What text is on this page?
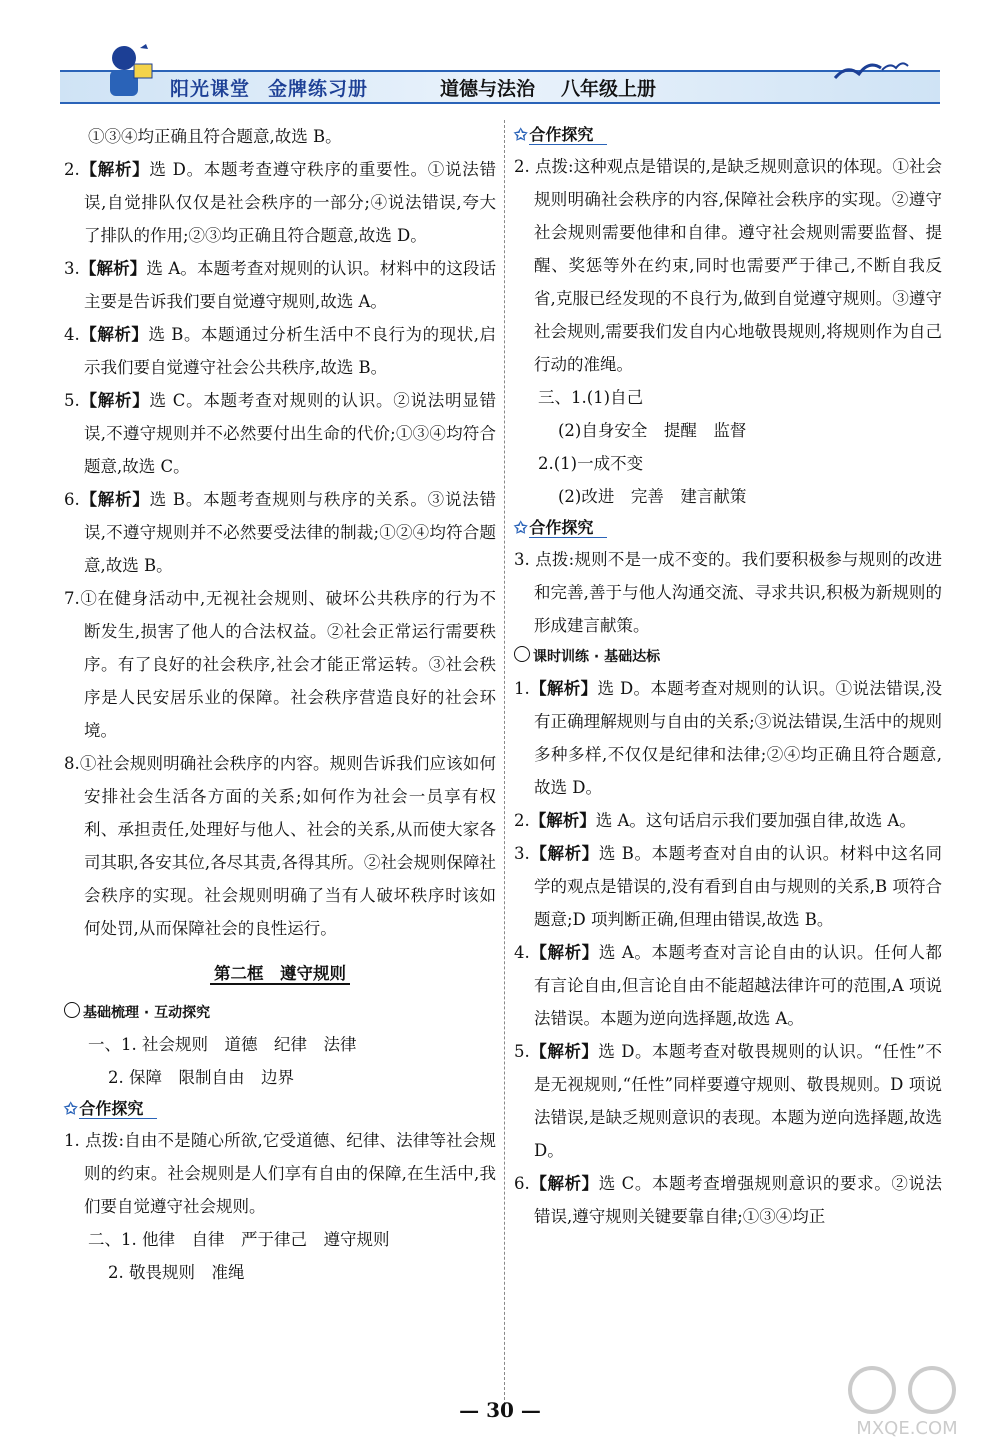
阳光课堂 金牌练习册	道德与法治 八年级上册

①③④均正确且符合题意,故选 B。

2.【解析】选 D。本题考查遵守秩序的重要性。①说法错误,自觉排队仅仅是社会秩序的一部分;④说法错误,夸大了排队的作用;②③均正确且符合题意,故选 D。

3.【解析】选 A。本题考查对规则的认识。材料中的这段话主要是告诉我们要自觉遵守规则,故选 A。

4.【解析】选 B。本题通过分析生活中不良行为的现状,启示我们要自觉遵守社会公共秩序,故选 B。

5.【解析】选 C。本题考查对规则的认识。②说法明显错误,不遵守规则并不必然要付出生命的代价;①③④均符合题意,故选 C。

6.【解析】选 B。本题考查规则与秩序的关系。③说法错误,不遵守规则并不必然要受法律的制裁;①②④均符合题意,故选 B。

7.①在健身活动中,无视社会规则、破坏公共秩序的行为不断发生,损害了他人的合法权益。②社会正常运行需要秩序。有了良好的社会秩序,社会才能正常运转。③社会秩序是人民安居乐业的保障。社会秩序营造良好的社会环境。

8.①社会规则明确社会秩序的内容。规则告诉我们应该如何安排社会生活各方面的关系;如何作为社会一员享有权利、承担责任,处理好与他人、社会的关系,从而使大家各司其职,各安其位,各尽其责,各得其所。②社会规则保障社会秩序的实现。社会规则明确了当有人破坏秩序时该如何处罚,从而保障社会的良性运行。

第二框　遵守规则
基础梳理 · 互动探究

一、1. 社会规则　道德　纪律　法律

2. 保障　限制自由　边界

✩ 合作探究

1. 点拨:自由不是随心所欲,它受道德、纪律、法律等社会规则的约束。社会规则是人们享有自由的保障,在生活中,我们要自觉遵守社会规则。

二、1. 他律　自律　严于律己　遵守规则

2. 敬畏规则　准绳

✩ 合作探究

2. 点拨:这种观点是错误的,是缺乏规则意识的体现。①社会规则明确社会秩序的内容,保障社会秩序的实现。②遵守社会规则需要他律和自律。遵守社会规则需要监督、提醒、奖惩等外在约束,同时也需要严于律己,不断自我反省,克服已经发现的不良行为,做到自觉遵守规则。③遵守社会规则,需要我们发自内心地敬畏规则,将规则作为自己行动的准绳。

三、1.(1)自己

(2)自身安全　提醒　监督

2.(1)一成不变

(2)改进　完善　建言献策

✩ 合作探究

3. 点拨:规则不是一成不变的。我们要积极参与规则的改进和完善,善于与他人沟通交流、寻求共识,积极为新规则的形成建言献策。

课时训练 · 基础达标

1.【解析】选 D。本题考查对规则的认识。①说法错误,没有正确理解规则与自由的关系;③说法错误,生活中的规则多种多样,不仅仅是纪律和法律;②④均正确且符合题意,故选 D。

2.【解析】选 A。这句话启示我们要加强自律,故选 A。

3.【解析】选 B。本题考查对自由的认识。材料中这名同学的观点是错误的,没有看到自由与规则的关系,B 项符合题意;D 项判断正确,但理由错误,故选 B。

4.【解析】选 A。本题考查对言论自由的认识。任何人都有言论自由,但言论自由不能超越法律许可的范围,A 项说法错误。本题为逆向选择题,故选 A。

5.【解析】选 D。本题考查对敬畏规则的认识。“任性”不是无视规则,“任性”同样要遵守规则、敬畏规则。D 项说法错误,是缺乏规则意识的表现。本题为逆向选择题,故选 D。

6.【解析】选 C。本题考查增强规则意识的要求。②说法错误,遵守规则关键要靠自律;①③④均正

— 30 —
MXQE.COM
